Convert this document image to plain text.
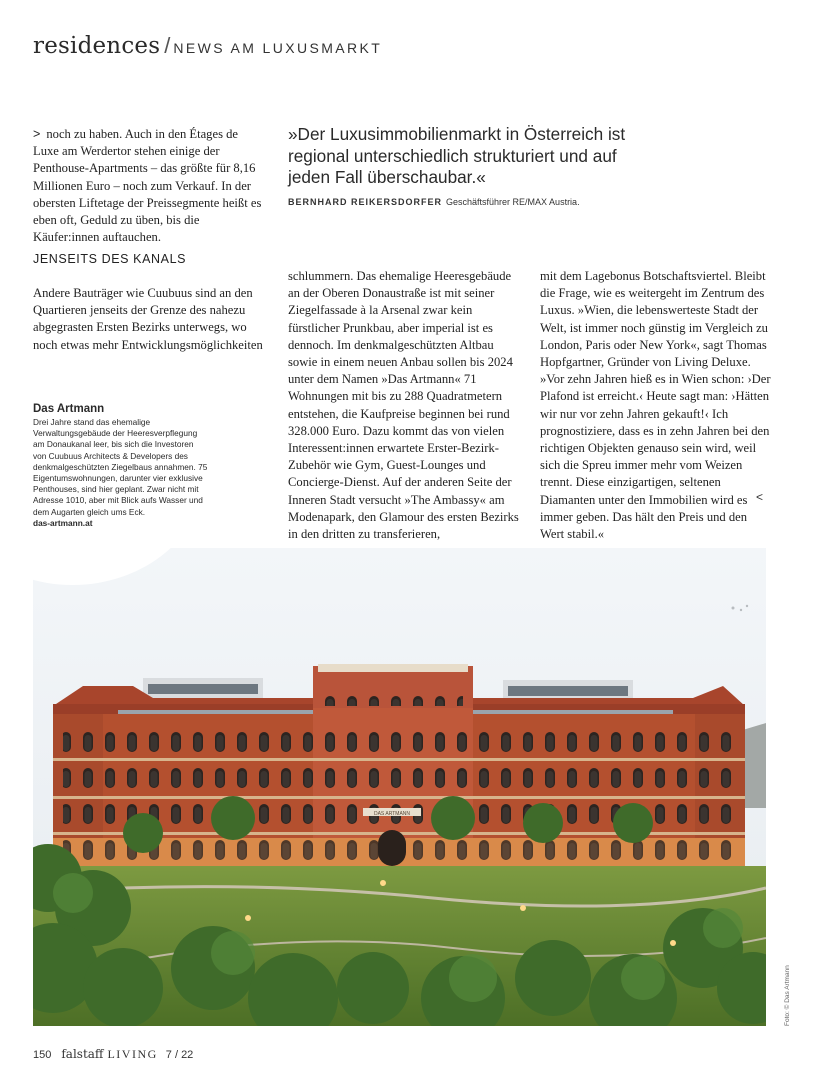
residences / NEWS AM LUXUSMARKT

> noch zu haben. Auch in den Étages de Luxe am Werdertor stehen einige der Penthouse-Apartments – das größte für 8,16 Millionen Euro – noch zum Verkauf. In der obersten Liftetage der Preissegmente heißt es eben oft, Geduld zu üben, bis die Käufer:innen auftauchen.

JENSEITS DES KANALS

Andere Bauträger wie Cuubuus sind an den Quartieren jenseits der Grenze des nahezu abgegrasten Ersten Bezirks unterwegs, wo noch etwas mehr Entwicklungsmöglichkeiten

»Der Luxusimmobilienmarkt in Österreich ist regional unterschiedlich strukturiert und auf jeden Fall überschaubar.«
BERNHARD REIKERSDORFER Geschäftsführer RE/MAX Austria.

schlummern. Das ehemalige Heeresgebäude an der Oberen Donaustraße ist mit seiner Ziegelfassade à la Arsenal zwar kein fürstlicher Prunkbau, aber imperial ist es dennoch. Im denkmalgeschützten Altbau sowie in einem neuen Anbau sollen bis 2024 unter dem Namen »Das Artmann« 71 Wohnungen mit bis zu 288 Quadratmetern entstehen, die Kaufpreise beginnen bei rund 328.000 Euro. Dazu kommt das von vielen Interessent:innen erwartete Erster-Bezirk-Zubehör wie Gym, Guest-Lounges und Concierge-Dienst. Auf der anderen Seite der Inneren Stadt versucht »The Ambassy« am Modenapark, den Glamour des ersten Bezirks in den dritten zu transferieren,

mit dem Lagebonus Botschaftsviertel. Bleibt die Frage, wie es weitergeht im Zentrum des Luxus. »Wien, die lebenswerteste Stadt der Welt, ist immer noch günstig im Vergleich zu London, Paris oder New York«, sagt Thomas Hopfgartner, Gründer von Living Deluxe. »Vor zehn Jahren hieß es in Wien schon: ›Der Plafond ist erreicht.‹ Heute sagt man: ›Hätten wir nur vor zehn Jahren gekauft!‹ Ich prognostiziere, dass es in zehn Jahren bei den richtigen Objekten genauso sein wird, weil sich die Spreu immer mehr vom Weizen trennt. Diese einzigartigen, seltenen Diamanten unter den Immobilien wird es immer geben. Das hält den Preis und den Wert stabil.«

<
Das Artmann
Drei Jahre stand das ehemalige Verwaltungsgebäude der Heeresverpflegung am Donaukanal leer, bis sich die Investoren von Cuubuus Architects & Developers des denkmalgeschützten Ziegelbaus annahmen. 75 Eigentumswohnungen, darunter vier exklusive Penthouses, sind hier geplant. Zwar nicht mit Adresse 1010, aber mit Blick aufs Wasser und dem Augarten gleich ums Eck.
das-artmann.at
DAS ARTMANN
Foto: © Das Artmann
150 falstaff LIVING 7 / 22
